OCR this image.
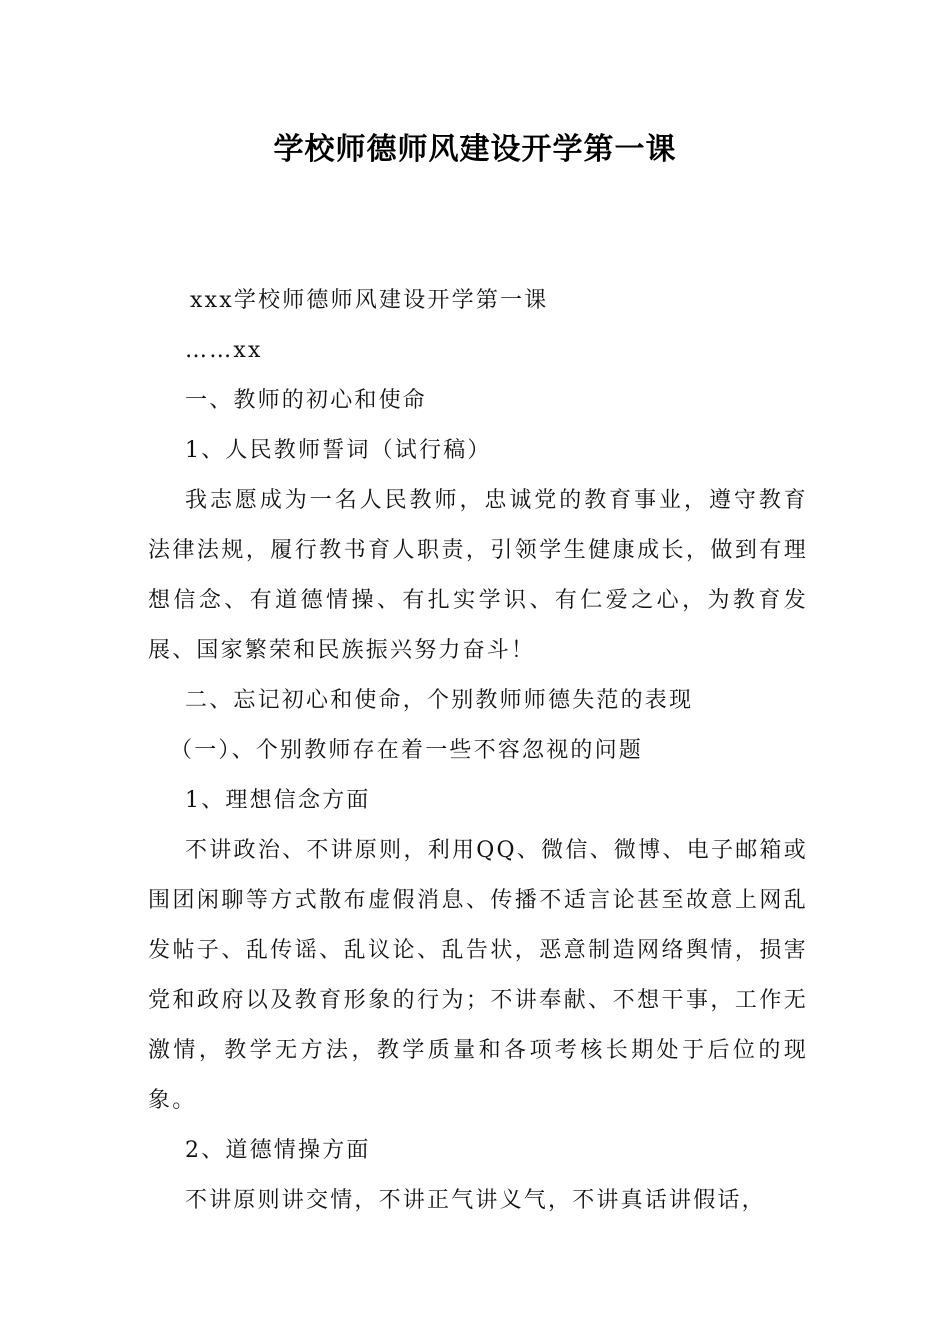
学校师德师风建设开学第一课

xxx学校师德师风建设开学第一课

……xx

一、教师的初心和使命

1、人民教师誓词（试行稿）

我志愿成为一名人民教师，忠诚党的教育事业，遵守教育法律法规，履行教书育人职责，引领学生健康成长，做到有理想信念、有道德情操、有扎实学识、有仁爱之心，为教育发展、国家繁荣和民族振兴努力奋斗！

二、忘记初心和使命，个别教师师德失范的表现

（一）、个别教师存在着一些不容忽视的问题

1、理想信念方面

不讲政治、不讲原则，利用QQ、微信、微博、电子邮箱或围团闲聊等方式散布虚假消息、传播不适言论甚至故意上网乱发帖子、乱传谣、乱议论、乱告状，恶意制造网络舆情，损害党和政府以及教育形象的行为；不讲奉献、不想干事，工作无激情，教学无方法，教学质量和各项考核长期处于后位的现象。

2、道德情操方面

不讲原则讲交情，不讲正气讲义气，不讲真话讲假话，
